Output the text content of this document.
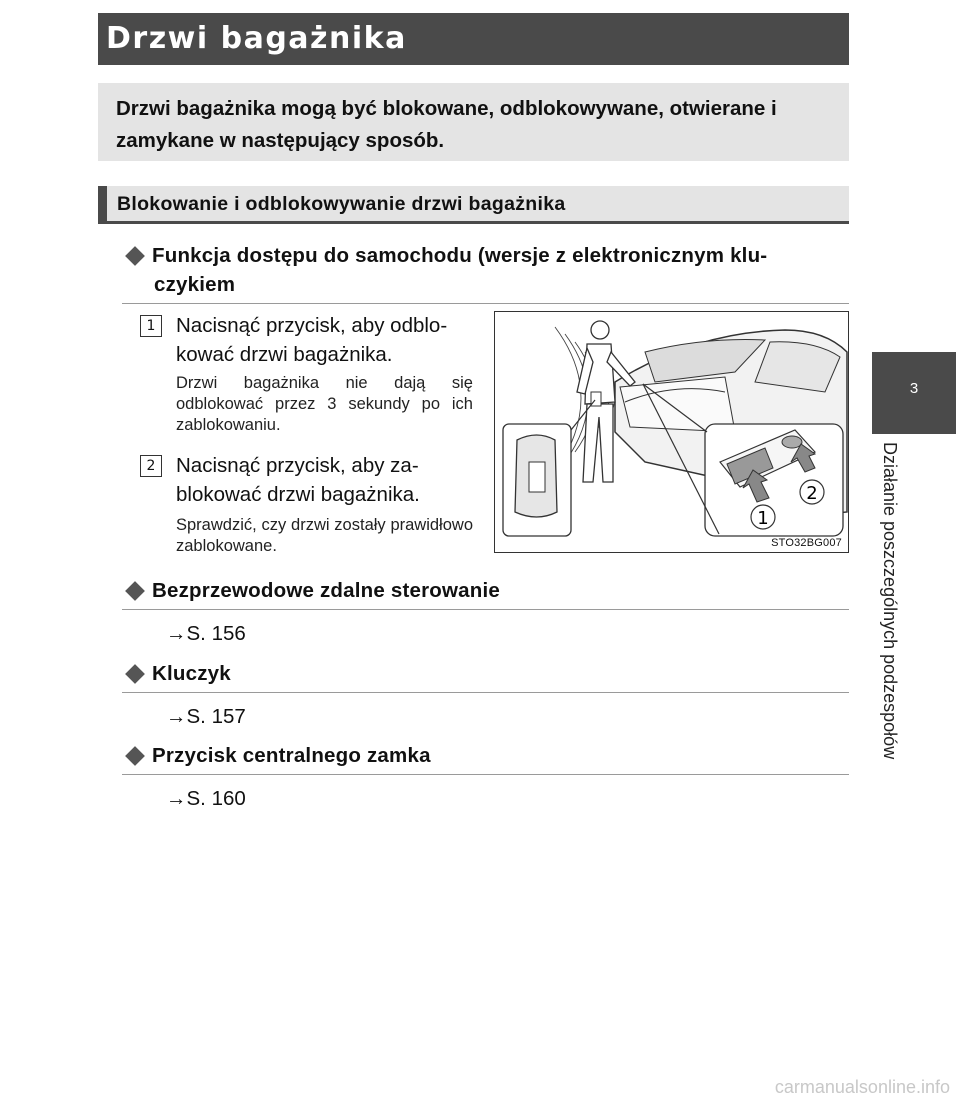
Drzwi bagażnika
Drzwi bagażnika mogą być blokowane, odblokowywane, otwierane i zamykane w następujący sposób.
Blokowanie i odblokowywanie drzwi bagażnika
Funkcja dostępu do samochodu (wersje z elektronicznym klu-
czykiem
1	Nacisnąć przycisk, aby odblo-kować drzwi bagażnika.
Drzwi bagażnika nie dają się odblokować przez 3 sekundy po ich zablokowaniu.
2	Nacisnąć przycisk, aby za-blokować drzwi bagażnika.
Sprawdzić, czy drzwi zostały prawidłowo zablokowane.
1
2
STO32BG007
Bezprzewodowe zdalne sterowanie
→S. 156
Kluczyk
→S. 157
Przycisk centralnego zamka
→S. 160
3
Działanie poszczególnych podzespołów
carmanualsonline.info
